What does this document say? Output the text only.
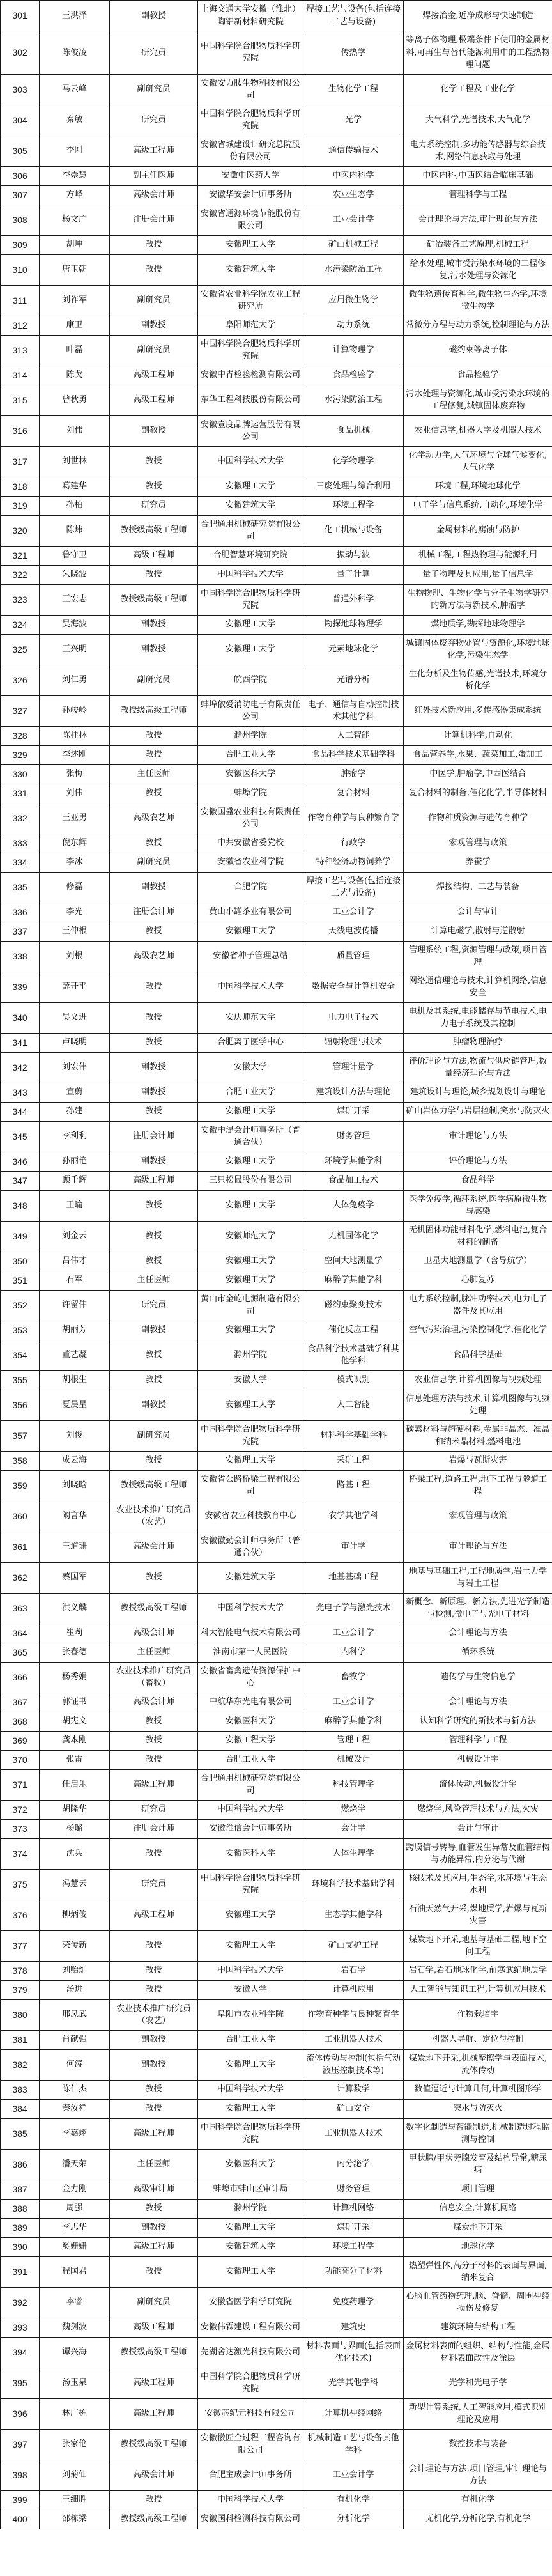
301	王洪泽	副教授	上海交通大学安徽（淮北）陶铝新材料研究院	焊接工艺与设备(包括连接工艺与设备)	焊接冶金,近净成形与快速制造
302	陈俊凌	研究员	中国科学院合肥物质科学研究院	传热学	等离子体物理,极端条件下使用的金属材料,可再生与替代能源利用中的工程热物理问题
303	马云峰	副研究员	安徽安力肽生物科技有限公司	生物化学工程	化学工程及工业化学
304	秦敏	研究员	中国科学院合肥物质科学研究院	光学	大气科学,光谱技术,大气化学
305	李刚	高级工程师	安徽省城建设计研究总院股份有限公司	通信传输技术	电力系统控制,多功能传感器与综合技术,网络信息获取与处理
306	李崇慧	副主任医师	安徽中医药大学	中医内科学	中医内科,中西医结合临床基础
307	方峰	高级会计师	安徽华安会计师事务所	农业生态学	管理科学与工程
308	杨文广	注册会计师	安徽省通源环境节能股份有限公司	工业会计学	会计理论与方法,审计理论与方法
309	胡坤	教授	安徽理工大学	矿山机械工程	矿冶装备工艺原理,机械工程
310	唐玉朝	教授	安徽建筑大学	水污染防治工程	给水处理,城市受污染水环境的工程修复,污水处理与资源化
311	刘祚军	副研究员	安徽省农业科学院农业工程研究所	应用微生物学	微生物遗传育种学,微生物生态学,环境微生物学
312	康卫	副教授	阜阳师范大学	动力系统	常微分方程与动力系统,控制理论与方法
313	叶磊	副研究员	中国科学院合肥物质科学研究院	计算物理学	磁约束等离子体
314	陈戈	高级工程师	安徽中青检验检测有限公司	食品检验学	食品检验学
315	曾秋勇	高级工程师	东华工程科技股份有限公司	水污染防治工程	污水处理与资源化,城市受污染水环境的工程修复,城镇固体废弃物
316	刘伟	副教授	安徽壹度品牌运营股份有限公司	食品机械	农业信息学,机器人学及机器人技术
317	刘世林	教授	中国科学技术大学	化学物理学	化学动力学,大气环境与全球气候变化,大气化学
318	葛建华	教授	安徽理工大学	三废处理与综合利用	环境工程,环境地球化学
319	孙柏	研究员	安徽建筑大学	环境工程学	电子学与信息系统,自动化,环境化学
320	陈炜	教授级高级工程师	合肥通用机械研究院有限公司	化工机械与设备	金属材料的腐蚀与防护
321	鲁守卫	高级工程师	合肥智慧环境研究院	振动与波	机械工程,工程热物理与能源利用
322	朱晓波	教授	中国科学技术大学	量子计算	量子物理及其应用,量子信息学
323	王宏志	教授级高级工程师	中国科学院合肥物质科学研究院	普通外科学	生物物理、生物化学与分子生物学研究的新方法与新技术,肿瘤学
324	吴海波	副教授	安徽理工大学	勘探地球物理学	煤地质学,勘探地球物理学
325	王兴明	副教授	安徽理工大学	元素地球化学	城镇固体废弃物处置与资源化,环境地球化学,污染生态学
326	刘仁勇	副研究员	皖西学院	光谱分析	生化分析及生物传感,光谱技术,环境分析化学
327	孙峻岭	教授级高级工程师	蚌埠依爱消防电子有限责任公司	电子、通信与自动控制技术其他学科	红外技术新应用,多传感器集成系统
328	陈桂林	教授	滁州学院	人工智能	计算机科学,自动化
329	李述刚	教授	合肥工业大学	食品科学技术基础学科	食品营养学,水果、蔬菜加工,蛋加工
330	张梅	主任医师	安徽医科大学	肿瘤学	中医学,肿瘤学,中西医结合
331	刘伟	教授	蚌埠学院	复合材料	复合材料的制备,催化化学,半导体材料
332	王亚男	高级农艺师	安徽国盛农业科技有限责任公司	作物育种学与良种繁育学	作物种质资源与遗传育种学
333	倪东辉	教授	中共安徽省委党校	行政学	宏观管理与政策
334	李冰	副研究员	安徽省农业科学院	特种经济动物饲养学	养蚕学
335	修磊	副教授	合肥学院	焊接工艺与设备(包括连接工艺与设备)	焊接结构、工艺与装备
336	李光	注册会计师	黄山小罐茶业有限公司	工业会计学	会计与审计
337	王仲根	教授	安徽理工大学	天线电波传播	计算电磁学,散射与逆散射
338	刘根	高级农艺师	安徽省种子管理总站	质量管理	管理系统工程,资源管理与政策,项目管理
339	薛开平	教授	中国科学技术大学	数据安全与计算机安全	网络通信理论与技术,计算机网络,信息安全
340	吴文进	教授	安庆师范大学	电力电子技术	电机及其系统,电能储存与节电技术,电力电子系统及其控制
341	卢晓明	教授	合肥离子医学中心	辐射物理与技术	肿瘤物理治疗
342	刘宏伟	副教授	安徽大学	管理计量学	评价理论与方法,物流与供应链管理,数量经济理论与方法
343	宣蔚	副教授	合肥工业大学	建筑设计方法与理论	建筑设计与理论,城乡规划设计与理论
344	孙建	教授	安徽理工大学	煤矿开采	矿山岩体力学与岩层控制,突水与防灭火
345	李利利	注册会计师	安徽中湜会计师事务所（普通合伙）	财务管理	审计理论与方法
346	孙丽艳	副教授	安徽理工大学	环境学其他学科	评价理论与方法
347	顾千辉	高级工程师	三只松鼠股份有限公司	食品加工技术	食品科学
348	王瑜	教授	安徽理工大学	人体免疫学	医学免疫学,循环系统,医学病原微生物与感染
349	刘金云	教授	安徽师范大学	无机固体化学	无机固体功能材料化学,燃料电池,复合材料的制备
350	吕伟才	教授	安徽理工大学	空间大地测量学	卫星大地测量学（含导航学）
351	石军	主任医师	安徽理工大学	麻醉学其他学科	心肺复苏
352	许留伟	研究员	黄山市金屹电源制造有限公司	磁约束聚变技术	电力系统控制,脉冲功率技术,电力电子器件及其应用
353	胡丽芳	副教授	安徽理工大学	催化反应工程	空气污染治理,污染控制化学,催化化学
354	董艺凝	教授	滁州学院	食品科学技术基础学科其他学科	食品科学基础
355	胡根生	教授	安徽大学	模式识别	农业信息学,计算机图像与视频处理
356	夏晨星	副教授	安徽理工大学	人工智能	信息处理方法与技术,计算机图像与视频处理
357	刘俊	副研究员	中国科学院合肥物质科学研究院	材料科学基础学科	碳素材料与超硬材料,金属非晶态、准晶和纳米晶材料,燃料电池
358	成云海	教授	安徽理工大学	采矿工程	岩爆与瓦斯灾害
359	刘晓晗	教授级高级工程师	安徽省公路桥梁工程有限公司	路基工程	桥梁工程,道路工程,地下工程与隧道工程
360	阚言华	农业技术推广研究员（农艺）	安徽省农业科技教育中心	农学其他学科	宏观管理与政策
361	王道珊	高级会计师	安徽徽勤会计师事务所（普通合伙）	审计学	审计理论与方法
362	蔡国军	教授	安徽建筑大学	地基基础工程	地基与基础工程,工程地质学,岩土力学与岩土工程
363	洪义麟	教授级高级工程师	中国科学技术大学	光电子学与激光技术	新概念、新原理、新方法,先进光学制造与检测,微电子与光电子材料
364	崔莉	高级会计师	科大智能电气技术有限公司	工业会计学	会计理论与方法
365	张春德	主任医师	淮南市第一人民医院	内科学	循环系统
366	杨秀娟	农业技术推广研究员（畜牧）	安徽省畜禽遗传资源保护中心	畜牧学	遗传学与生物信息学
367	郭证书	高级会计师	中航华东光电有限公司	工业会计学	会计理论与方法
368	胡宪文	教授	安徽医科大学	麻醉学其他学科	认知科学研究的新技术与新方法
369	龚本刚	教授	安徽工程大学	管理工程	管理科学与工程
370	张雷	教授	合肥工业大学	机械设计	机械设计学
371	任启乐	高级工程师	合肥通用机械研究院有限公司	科技管理学	流体传动,机械设计学
372	胡隆华	研究员	中国科学技术大学	燃烧学	燃烧学,风险管理技术与方法,火灾
373	杨璐	注册会计师	安徽淮信会计师事务所	会计学	会计与审计
374	沈兵	教授	安徽医科大学	人体生理学	跨膜信号转导,血管发生异常及血管结构与功能异常,内分泌与代谢
375	冯慧云	研究员	中国科学院合肥物质科学研究院	环境科学技术基础学科	核技术及其应用,生态学,水环境与生态水利
376	柳炳俊	高级工程师	安徽理工大学	生态学其他学科	石油天然气开采,煤地质学,岩爆与瓦斯灾害
377	荣传新	教授	安徽理工大学	矿山支护工程	煤炭地下开采,地基与基础工程,地下空间工程
378	刘贻灿	教授	中国科学技术大学	岩石学	岩石学,岩石地球化学,前寒武纪地质学
379	汤进	教授	安徽大学	计算机应用	人工智能与知识工程,计算机应用技术
380	邢凤武	农业技术推广研究员（农艺）	阜阳市农业科学院	作物育种学与良种繁育学	作物栽培学
381	肖献强	副教授	合肥工业大学	工业机器人技术	机器人导航、定位与控制
382	何涛	副教授	安徽理工大学	流体传动与控制(包括气动液压控制技术等)	煤炭地下开采,机械摩擦学与表面技术,流体传动
383	陈仁杰	教授	中国科学技术大学	计算数学	数值逼近与计算几何,计算机图形学
384	秦汝祥	教授	安徽理工大学	矿山安全	突水与防灭火
385	李嘉翊	高级工程师	中国科学院合肥物质科学研究院	工业机器人技术	数字化制造与智能制造,机械制造过程监测与控制
386	潘天荣	主任医师	安徽医科大学	内分泌学	甲状腺/甲状旁腺发育及结构异常,糖尿病
387	金力刚	高级审计师	蚌埠市蚌山区审计局	财务管理	项目管理
388	周强	教授	滁州学院	计算机网络	信息安全,计算机网络
389	李志华	副教授	安徽理工大学	煤矿开采	煤炭地下开采
390	奚姗姗	高级工程师	安徽建筑大学	环境工程学	地球化学
391	程国君	教授	安徽理工大学	功能高分子材料	热塑弹性体,高分子材料的表面与界面,纳米复合
392	李睿	副研究员	安徽省医学科学研究院	免疫药理学	心脑血管药物药理,脑、脊髓、周围神经损伤及修复
393	魏剑波	高级工程师	安徽伟霖建设工程有限公司	建筑史	建筑环境与结构工程
394	谭兴海	教授级高级工程师	芜湖舍达激光科技有限公司	材料表面与界面(包括表面优化技术)	金属材料表面的组织、结构与性能,金属材料表面改性及涂层
395	汤玉泉	高级工程师	中国科学院合肥物质科学研究院	光学其他学科	光学和光电子学
396	林广栋	高级工程师	安徽芯纪元科技有限公司	计算机神经网络	新型计算系统,人工智能应用,模式识别理论及应用
397	张家伦	教授级高级工程师	安徽徽匠全过程工程咨询有限公司	机械制造工艺与设备其他学科	数控技术与装备
398	刘菊仙	高级会计师	合肥宝成会计师事务所	工业会计学	会计理论与方法,项目管理,审计理论与方法
399	王细胜	教授	中国科学技术大学	有机化学	有机化学
400	邵栋梁	教授级高级工程师	安徽国科检测科技有限公司	分析化学	无机化学,分析化学,有机化学
